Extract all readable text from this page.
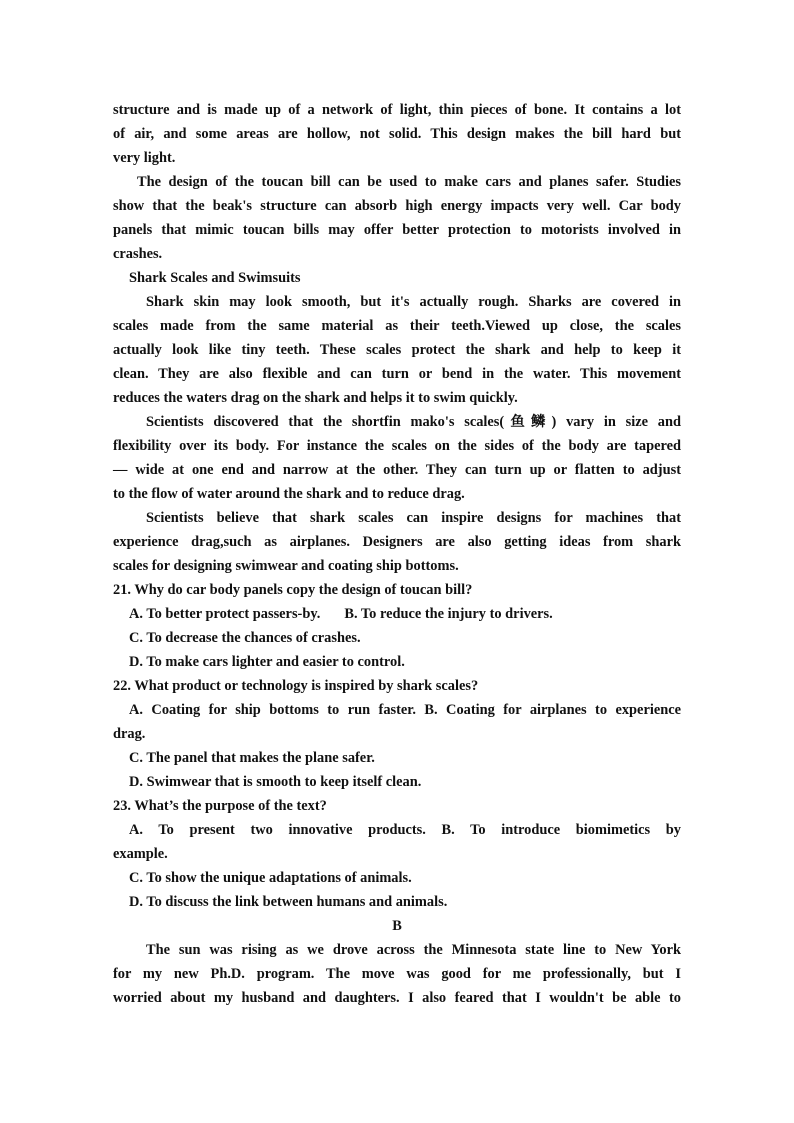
structure and is made up of a network of light, thin pieces of bone. It contains a lot
of air, and some areas are hollow, not solid. This design makes the bill hard but
very light.
The design of the toucan bill can be used to make cars and planes safer. Studies
show that the beak's structure can absorb high energy impacts very well. Car body
panels that mimic toucan bills may offer better protection to motorists involved in
crashes.
Shark Scales and Swimsuits
Shark skin may look smooth, but it's actually rough. Sharks are covered in
scales made from the same material as their teeth.Viewed up close, the scales
actually look like tiny teeth. These scales protect the shark and help to keep it
clean. They are also flexible and can turn or bend in the water. This movement
reduces the waters drag on the shark and helps it to swim quickly.
Scientists discovered that the shortfin mako's scales(鱼鳞) vary in size and
flexibility over its body. For instance the scales on the sides of the body are tapered
— wide at one end and narrow at the other. They can turn up or flatten to adjust
to the flow of water around the shark and to reduce drag.
Scientists believe that shark scales can inspire designs for machines that
experience drag,such as airplanes. Designers are also getting ideas from shark
scales for designing swimwear and coating ship bottoms.
21. Why do car body panels copy the design of toucan bill?
A. To better protect passers-by. B. To reduce the injury to drivers.
C. To decrease the chances of crashes.
D. To make cars lighter and easier to control.
22. What product or technology is inspired by shark scales?
A. Coating for ship bottoms to run faster. B. Coating for airplanes to experience
drag.
C. The panel that makes the plane safer.
D. Swimwear that is smooth to keep itself clean.
23. What’s the purpose of the text?
A. To present two innovative products. B. To introduce biomimetics by
example.
C. To show the unique adaptations of animals.
D. To discuss the link between humans and animals.
B
The sun was rising as we drove across the Minnesota state line to New York
for my new Ph.D. program. The move was good for me professionally, but I
worried about my husband and daughters. I also feared that I wouldn't be able to
